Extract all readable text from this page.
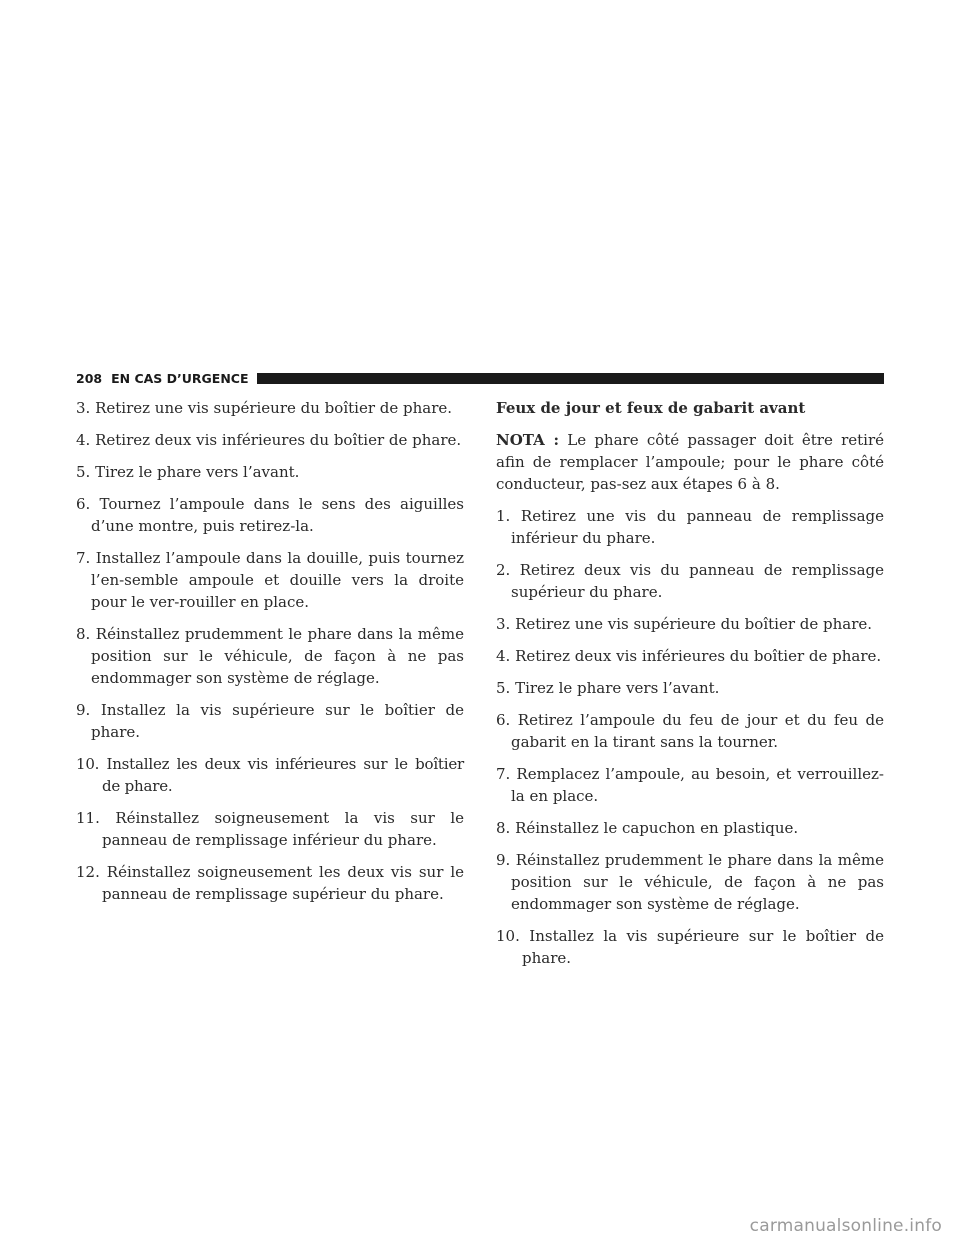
208 EN CAS D’URGENCE

3. Retirez une vis supérieure du boîtier de phare.

4. Retirez deux vis inférieures du boîtier de phare.

5. Tirez le phare vers l’avant.

6. Tournez l’ampoule dans le sens des aiguilles d’une montre, puis retirez-la.

7. Installez l’ampoule dans la douille, puis tournez l’en-semble ampoule et douille vers la droite pour le ver-rouiller en place.

8. Réinstallez prudemment le phare dans la même position sur le véhicule, de façon à ne pas endommager son système de réglage.

9. Installez la vis supérieure sur le boîtier de phare.

10. Installez les deux vis inférieures sur le boîtier de phare.

11. Réinstallez soigneusement la vis sur le panneau de remplissage inférieur du phare.

12. Réinstallez soigneusement les deux vis sur le panneau de remplissage supérieur du phare.

Feux de jour et feux de gabarit avant

NOTA : Le phare côté passager doit être retiré afin de remplacer l’ampoule; pour le phare côté conducteur, pas-sez aux étapes 6 à 8.

1. Retirez une vis du panneau de remplissage inférieur du phare.

2. Retirez deux vis du panneau de remplissage supérieur du phare.

3. Retirez une vis supérieure du boîtier de phare.

4. Retirez deux vis inférieures du boîtier de phare.

5. Tirez le phare vers l’avant.

6. Retirez l’ampoule du feu de jour et du feu de gabarit en la tirant sans la tourner.

7. Remplacez l’ampoule, au besoin, et verrouillez-la en place.

8. Réinstallez le capuchon en plastique.

9. Réinstallez prudemment le phare dans la même position sur le véhicule, de façon à ne pas endommager son système de réglage.

10. Installez la vis supérieure sur le boîtier de phare.

carmanualsonline.info
